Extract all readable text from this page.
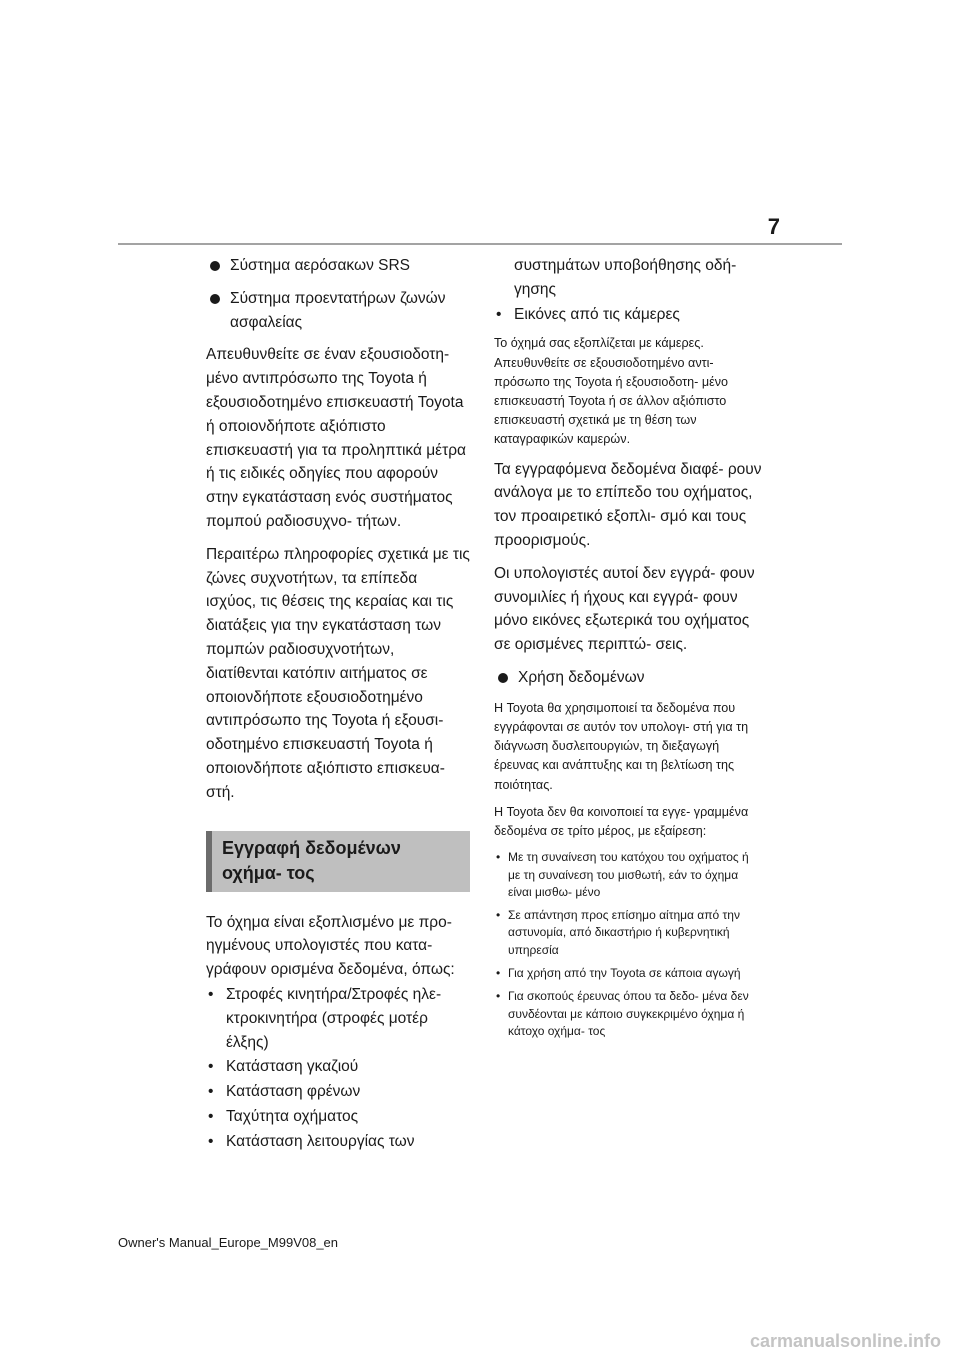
7
Σύστημα αερόσακων SRS
Σύστημα προεντατήρων ζωνών ασφαλείας

Απευθυνθείτε σε έναν εξουσιοδοτη- μένο αντιπρόσωπο της Toyota ή εξουσιοδοτημένο επισκευαστή Toyota ή οποιονδήποτε αξιόπιστο επισκευαστή για τα προληπτικά μέτρα ή τις ειδικές οδηγίες που αφορούν στην εγκατάσταση ενός συστήματος πομπού ραδιοσυχνο- τήτων.

Περαιτέρω πληροφορίες σχετικά με τις ζώνες συχνοτήτων, τα επίπεδα ισχύος, τις θέσεις της κεραίας και τις διατάξεις για την εγκατάσταση των πομπών ραδιοσυχνοτήτων, διατίθενται κατόπιν αιτήματος σε οποιονδήποτε εξουσιοδοτημένο αντιπρόσωπο της Toyota ή εξουσι- οδοτημένο επισκευαστή Toyota ή οποιονδήποτε αξιόπιστο επισκευα- στή.

Εγγραφή δεδομένων οχήμα- τος

Το όχημα είναι εξοπλισμένο με προ- ηγμένους υπολογιστές που κατα- γράφουν ορισμένα δεδομένα, όπως:

• Στροφές κινητήρα/Στροφές ηλε- κτροκινητήρα (στροφές μοτέρ έλξης)
• Κατάσταση γκαζιού
• Κατάσταση φρένων
• Ταχύτητα οχήματος
• Κατάσταση λειτουργίας των
συστημάτων υποβοήθησης οδή- γησης
• Εικόνες από τις κάμερες

Το όχημά σας εξοπλίζεται με κάμερες. Απευθυνθείτε σε εξουσιοδοτημένο αντι- πρόσωπο της Toyota ή εξουσιοδοτη- μένο επισκευαστή Toyota ή σε άλλον αξιόπιστο επισκευαστή σχετικά με τη θέση των καταγραφικών καμερών.

Τα εγγραφόμενα δεδομένα διαφέ- ρουν ανάλογα με το επίπεδο του οχήματος, τον προαιρετικό εξοπλι- σμό και τους προορισμούς.

Οι υπολογιστές αυτοί δεν εγγρά- φουν συνομιλίες ή ήχους και εγγρά- φουν μόνο εικόνες εξωτερικά του οχήματος σε ορισμένες περιπτώ- σεις.

Χρήση δεδομένων

Η Toyota θα χρησιμοποιεί τα δεδομένα που εγγράφονται σε αυτόν τον υπολογι- στή για τη διάγνωση δυσλειτουργιών, τη διεξαγωγή έρευνας και ανάπτυξης και τη βελτίωση της ποιότητας.

Η Toyota δεν θα κοινοποιεί τα εγγε- γραμμένα δεδομένα σε τρίτο μέρος, με εξαίρεση:

• Με τη συναίνεση του κατόχου του οχήματος ή με τη συναίνεση του μισθωτή, εάν το όχημα είναι μισθω- μένο
• Σε απάντηση προς επίσημο αίτημα από την αστυνομία, από δικαστήριο ή κυβερνητική υπηρεσία
• Για χρήση από την Toyota σε κάποια αγωγή
• Για σκοπούς έρευνας όπου τα δεδο- μένα δεν συνδέονται με κάποιο συγκεκριμένο όχημα ή κάτοχο οχήμα- τος
Owner's Manual_Europe_M99V08_en
carmanualsonline.info
